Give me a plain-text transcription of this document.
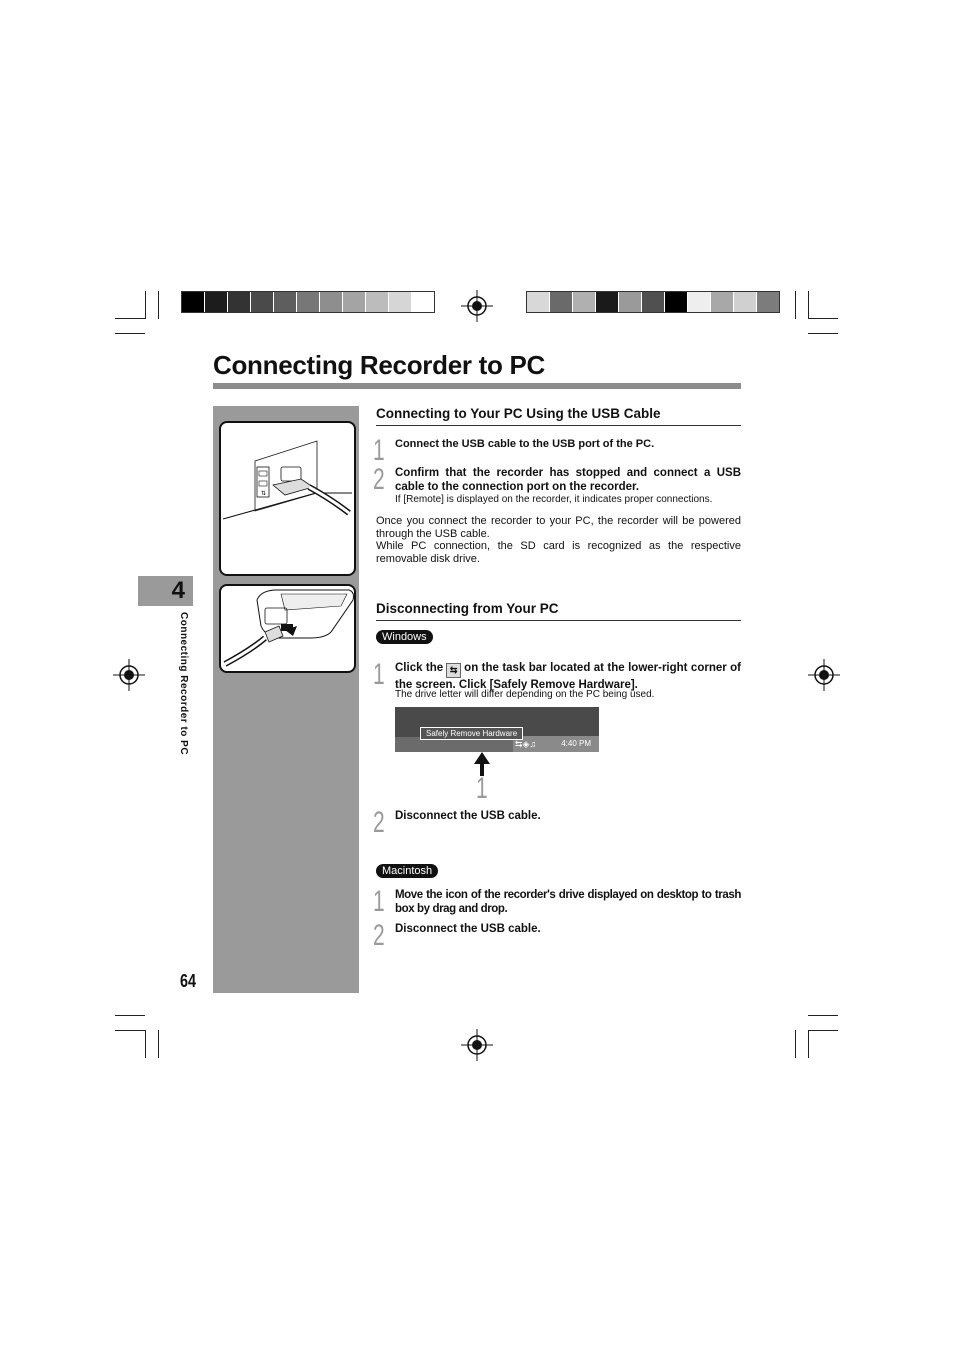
Connecting Recorder to PC
⇅
4
Connecting Recorder to PC
64
Connecting to Your PC Using the USB Cable
1 Connect the USB cable to the USB port of the PC.
2 Confirm that the recorder has stopped and connect a USB cable to the connection port on the recorder.
If [Remote] is displayed on the recorder, it indicates proper connections.
Once you connect the recorder to your PC, the recorder will be powered through the USB cable.
While PC connection, the SD card is recognized as the respective removable disk drive.
Disconnecting from Your PC
Windows
1 Click the ⇆ on the task bar located at the lower-right corner of the screen. Click [Safely Remove Hardware].
The drive letter will differ depending on the PC being used.
Safely Remove Hardware
⇆◈♫	4:40 PM
1
2 Disconnect the USB cable.
Macintosh
1 Move the icon of the recorder's drive displayed on desktop to trash box by drag and drop.
2 Disconnect the USB cable.
